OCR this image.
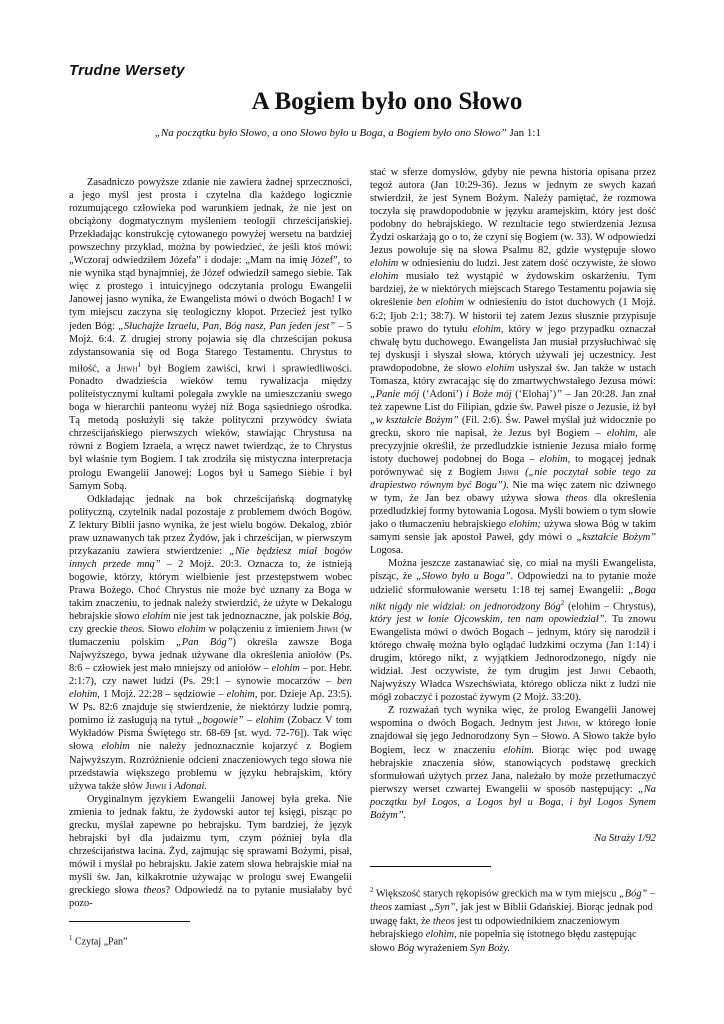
Trudne Wersety
A Bogiem było ono Słowo
„Na początku było Słowo, a ono Słowo było u Boga, a Bogiem było ono Słowo” Jan 1:1

Zasadniczo powyższe zdanie nie zawiera żadnej sprzeczności, a jego myśl jest prosta i czytelna dla każdego logicznie rozumującego człowieka pod warunkiem jednak, że nie jest on obciążony dogmatycznym myśleniem teologii chrześcijańskiej. Przekładając konstrukcję cytowanego powyżej wersetu na bardziej powszechny przykład, można by powiedzieć, że jeśli ktoś mówi: „Wczoraj odwiedziłem Józefa” i dodaje: „Mam na imię Józef”, to nie wynika stąd bynajmniej, że Józef odwiedził samego siebie. Tak więc z prostego i intuicyjnego odczytania prologu Ewangelii Janowej jasno wynika, że Ewangelista mówi o dwóch Bogach! I w tym miejscu zaczyna się teologiczny kłopot. Przecież jest tylko jeden Bóg: „Słuchajże Izraelu, Pan, Bóg nasz, Pan jeden jest” – 5 Mojż. 6:4. Z drugiej strony pojawia się dla chrześcijan pokusa zdystansowania się od Boga Starego Testamentu. Chrystus to miłość, a Jhwh$^1$ był Bogiem zawiści, krwi i sprawiedliwości. Ponadto dwadzieścia wieków temu rywalizacja między politeistycznymi kultami polegała zwykle na umieszczaniu swego boga w hierarchii panteonu wyżej niż Boga sąsiedniego ośrodka. Tą metodą posłużyli się także polityczni przywódcy świata chrześcijańskiego pierwszych wieków, stawiając Chrystusa na równi z Bogiem Izraela, a wręcz nawet twierdząc, że to Chrystus był właśnie tym Bogiem. I tak zrodziła się mistyczna interpretacja prologu Ewangelii Janowej: Logos był u Samego Siebie i był Samym Sobą.

Odkładając jednak na bok chrześcijańską dogmatykę polityczną, czytelnik nadal pozostaje z problemem dwóch Bogów. Z lektury Biblii jasno wynika, że jest wielu bogów. Dekalog, zbiór praw uznawanych tak przez Żydów, jak i chrześcijan, w pierwszym przykazaniu zawiera stwierdzenie: „Nie będziesz miał bogów innych przede mną” – 2 Mojż. 20:3. Oznacza to, że istnieją bogowie, którzy, którym wielbienie jest przestępstwem wobec Prawa Bożego. Choć Chrystus nie może być uznany za Boga w takim znaczeniu, to jednak należy stwierdzić, że użyte w Dekalogu hebrajskie słowo elohim nie jest tak jednoznaczne, jak polskie Bóg, czy greckie theos. Słowo elohim w połączeniu z imieniem Jhwh (w tłumaczeniu polskim „Pan Bóg”) określa zawsze Boga Najwyższego, bywa jednak używane dla określenia aniołów (Ps. 8:6 – człowiek jest mało mniejszy od aniołów – elohim – por. Hebr. 2:1:7), czy nawet ludzi (Ps. 29:1 – synowie mocarzów – ben elohim, 1 Mojż. 22:28 – sędziowie – elohim, por. Dzieje Ap. 23:5). W Ps. 82:6 znajduje się stwierdzenie, że niektórzy ludzie pomrą, pomimo iż zasługują na tytuł „bogowie” – elohim (Zobacz V tom Wykładów Pisma Świętego str. 68-69 [st. wyd. 72-76]). Tak więc słowa elohim nie należy jednoznacznie kojarzyć z Bogiem Najwyższym. Rozróżnienie odcieni znaczeniowych tego słowa nie przedstawia większego problemu w języku hebrajskim, który używa także słów Jhwh i Adonai.

Oryginalnym językiem Ewangelii Janowej była greka. Nie zmienia to jednak faktu, że żydowski autor tej księgi, pisząc po grecku, myślał zapewne po hebrajsku. Tym bardziej, że język hebrajski był dla judaizmu tym, czym później była dla chrześcijaństwa łacina. Żyd, zajmując się sprawami Bożymi, pisał, mówił i myślał po hebrajsku. Jakie zatem słowa hebrajskie miał na myśli św. Jan, kilkakrotnie używając w prologu swej Ewangelii greckiego słowa theos? Odpowiedź na to pytanie musiałaby być pozo-

stać w sferze domysłów, gdyby nie pewna historia opisana przez tegoż autora (Jan 10:29-36). Jezus w jednym ze swych kazań stwierdził, że jest Synem Bożym. Należy pamiętać, że rozmowa toczyła się prawdopodobnie w języku aramejskim, który jest dość podobny do hebrajskiego. W rezultacie tego stwierdzenia Jezusa Żydzi oskarżają go o to, że czyni się Bogiem (w. 33). W odpowiedzi Jezus powołuje się na słowa Psalmu 82, gdzie występuje słowo elohim w odniesieniu do ludzi. Jest zatem dość oczywiste, że słowo elohim musiało też wystąpić w żydowskim oskarżeniu. Tym bardziej, że w niektórych miejscach Starego Testamentu pojawia się określenie ben elohim w odniesieniu do istot duchowych (1 Mojż. 6:2; Ijob 2:1; 38:7). W historii tej zatem Jezus słusznie przypisuje sobie prawo do tytułu elohim, który w jego przypadku oznaczał chwałę bytu duchowego. Ewangelista Jan musiał przysłuchiwać się tej dyskusji i słyszał słowa, których używali jej uczestnicy. Jest prawdopodobne, że słowo elohim usłyszał św. Jan także w ustach Tomasza, który zwracając się do zmartwychwstałego Jezusa mówi: „Panie mój (‘Adoni’) i Boże mój (‘Elohaj’)” – Jan 20:28. Jan znał też zapewne List do Filipian, gdzie św. Paweł pisze o Jezusie, iż był „w kształcie Bożym” (Fil. 2:6). Św. Paweł myślał już widocznie po grecku, skoro nie napisał, że Jezus był Bogiem – elohim, ale precyzyjnie określił, że przedludzkie istnienie Jezusa miało formę istoty duchowej podobnej do Boga – elohim, to mogącej jednak porównywać się z Bogiem Jhwh („nie poczytał sobie tego za drapiestwo równym być Bogu”). Nie ma więc zatem nic dziwnego w tym, że Jan bez obawy używa słowa theos dla określenia przedludzkiej formy bytowania Logosa. Myśli bowiem o tym słowie jako o tłumaczeniu hebrajskiego elohim; używa słowa Bóg w takim samym sensie jak apostoł Paweł, gdy mówi o „kształcie Bożym” Logosa.

Można jeszcze zastanawiać się, co miał na myśli Ewangelista, pisząc, że „Słowo było u Boga”. Odpowiedzi na to pytanie może udzielić sformułowanie wersetu 1:18 tej samej Ewangelii: „Boga nikt nigdy nie widział: on jednorodzony Bóg$^2$ (elohim – Chrystus), który jest w łonie Ojcowskim, ten nam opowiedział”. Tu znowu Ewangelista mówi o dwóch Bogach – jednym, który się narodził i którego chwałę można było oglądać ludzkimi oczyma (Jan 1:14) i drugim, którego nikt, z wyjątkiem Jednorodzonego, nigdy nie widział. Jest oczywiste, że tym drugim jest Jhwh Cebaoth, Najwyższy Władca Wszechświata, którego oblicza nikt z ludzi nie mógł zobaczyć i pozostać żywym (2 Mojż. 33:20).

Z rozważań tych wynika więc, że prolog Ewangelii Janowej wspomina o dwóch Bogach. Jednym jest Jhwh, w którego łonie znajdował się jego Jednorodzony Syn – Słowo. A Słowo także było Bogiem, lecz w znaczeniu elohim. Biorąc więc pod uwagę hebrajskie znaczenia słów, stanowiących podstawę greckich sformułowań użytych przez Jana, należało by może przetłumaczyć pierwszy werset czwartej Ewangelii w sposób następujący: „Na początku był Logos, a Logos był u Boga, i był Logos Synem Bożym”.

Na Straży 1/92
$^1$ Czytaj „Pan”

$^2$ Większość starych rękopisów greckich ma w tym miejscu „Bóg” – theos zamiast „Syn”, jak jest w Biblii Gdańskiej. Biorąc jednak pod uwagę fakt, że theos jest tu odpowiednikiem znaczeniowym hebrajskiego elohim, nie popełnia się istotnego błędu zastępując słowo Bóg wyrażeniem Syn Boży.
